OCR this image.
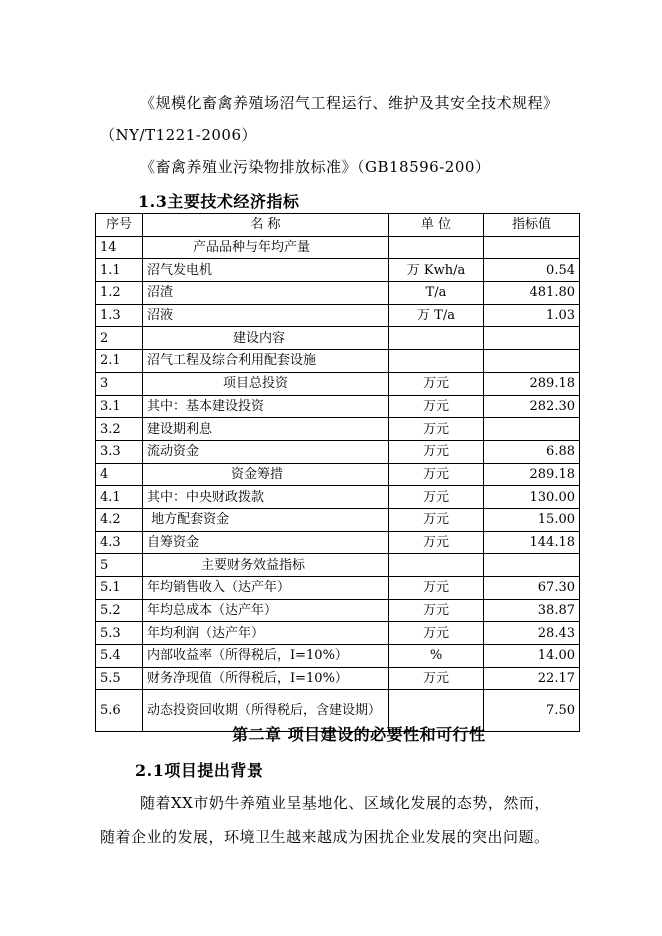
《规模化畜禽养殖场沼气工程运行、维护及其安全技术规程》
（NY/T1221-2006）
《畜禽养殖业污染物排放标准》（GB18596-200）
1.3主要技术经济指标
序号	名 称	单 位	指标值
14	产品品种与年均产量		
1.1	沼气发电机	万 Kwh/a	0.54
1.2	沼渣	T/a	481.80
1.3	沼液	万 T/a	1.03
2	建设内容		
2.1	沼气工程及综合利用配套设施		
3	项目总投资	万元	289.18
3.1	其中：基本建设投资	万元	282.30
3.2	建设期利息	万元	
3.3	流动资金	万元	6.88
4	资金筹措	万元	289.18
4.1	其中：中央财政拨款	万元	130.00
4.2	地方配套资金	万元	15.00
4.3	自筹资金	万元	144.18
5	主要财务效益指标		
5.1	年均销售收入（达产年）	万元	67.30
5.2	年均总成本（达产年）	万元	38.87
5.3	年均利润（达产年）	万元	28.43
5.4	内部收益率（所得税后，I=10%）	%	14.00
5.5	财务净现值（所得税后，I=10%）	万元	22.17
5.6	动态投资回收期（所得税后，含建设期）		7.50
第二章 项目建设的必要性和可行性
2.1项目提出背景
随着XX市奶牛养殖业呈基地化、区域化发展的态势，然而，
随着企业的发展，环境卫生越来越成为困扰企业发展的突出问题。
